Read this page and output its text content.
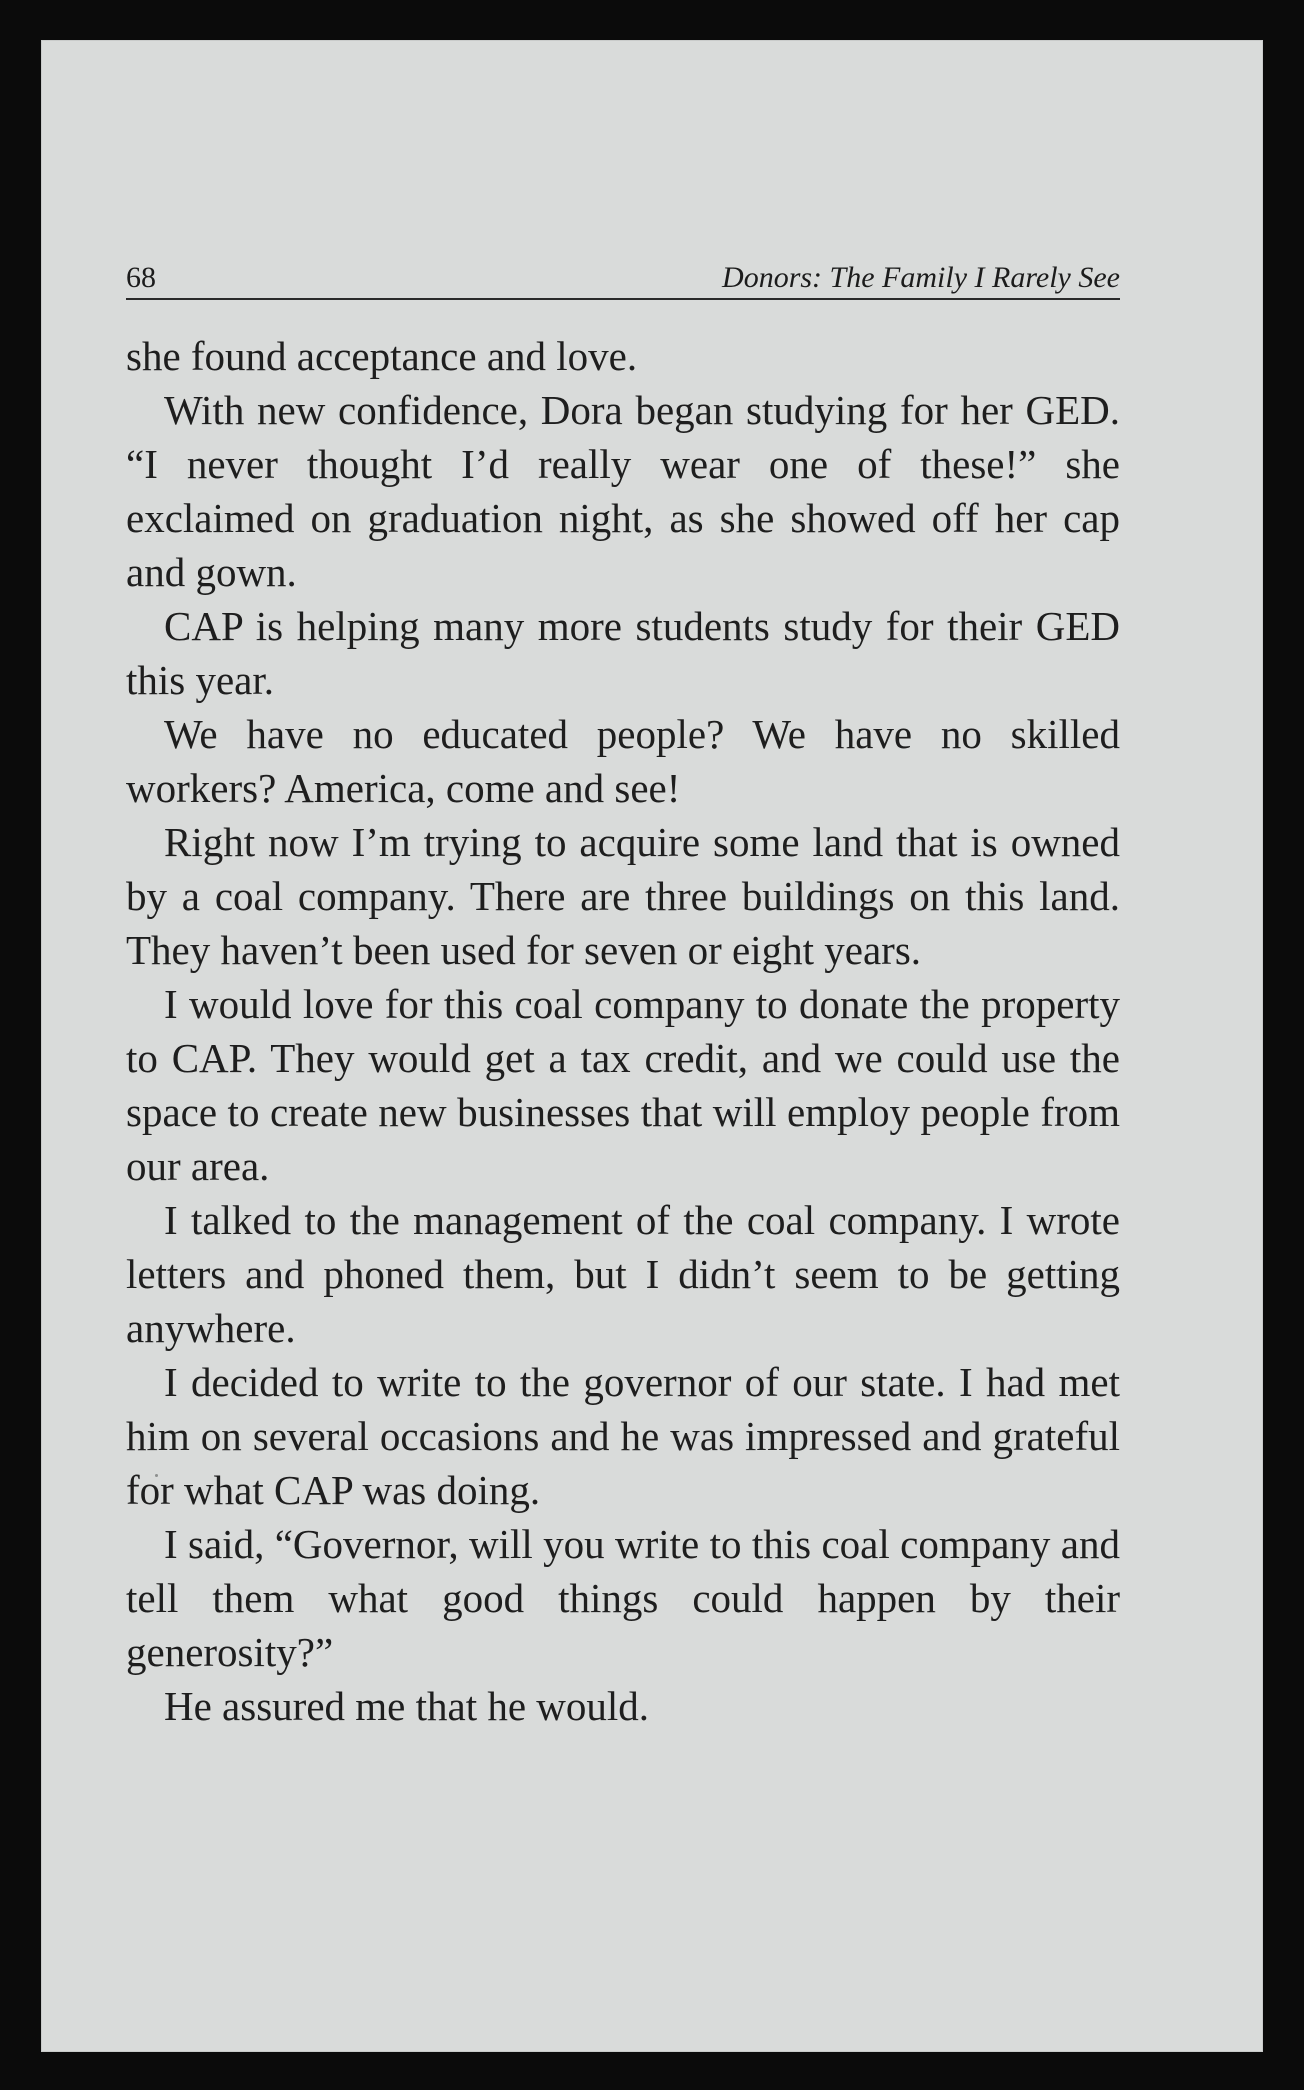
68	Donors: The Family I Rarely See

she found acceptance and love.

With new confidence, Dora began studying for her GED. “I never thought I’d really wear one of these!” she exclaimed on graduation night, as she showed off her cap and gown.

CAP is helping many more students study for their GED this year.

We have no educated people? We have no skilled workers? America, come and see!

Right now I’m trying to acquire some land that is owned by a coal company. There are three buildings on this land. They haven’t been used for seven or eight years.

I would love for this coal company to donate the property to CAP. They would get a tax credit, and we could use the space to create new businesses that will employ people from our area.

I talked to the management of the coal company. I wrote letters and phoned them, but I didn’t seem to be getting anywhere.

I decided to write to the governor of our state. I had met him on several occasions and he was impressed and grateful for what CAP was doing.

I said, “Governor, will you write to this coal company and tell them what good things could happen by their generosity?”

He assured me that he would.
